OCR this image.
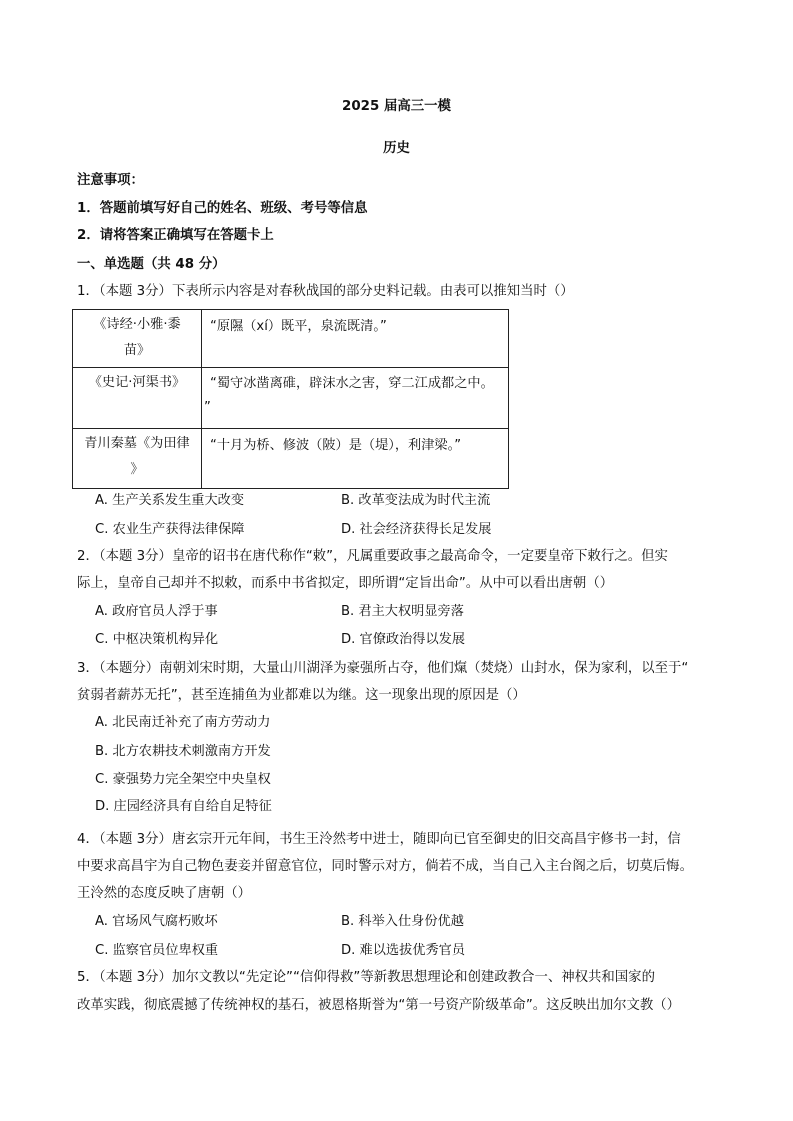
2025 届高三一模
历史
注意事项：
1．答题前填写好自己的姓名、班级、考号等信息
2．请将答案正确填写在答题卡上
一、单选题（共 48 分）
1．（本题 3分）下表所示内容是对春秋战国的部分史料记载。由表可以推知当时（）
《诗经·小雅·黍
苗》	“原隰（xí）既平，泉流既清。”

《史记·河渠书》	“蜀守冰凿离碓，辟沫水之害，穿二江成都之中。
”

青川秦墓《为田律
》	“十月为桥、修波（陂）是（堤），利津梁。”
A. 生产关系发生重大改变	B. 改革变法成为时代主流
C. 农业生产获得法律保障	D. 社会经济获得长足发展
2．（本题 3分）皇帝的诏书在唐代称作“敕”，凡属重要政事之最高命令，一定要皇帝下敕行之。但实
际上，皇帝自己却并不拟敕，而系中书省拟定，即所谓“定旨出命”。从中可以看出唐朝（）
A. 政府官员人浮于事	B. 君主大权明显旁落
C. 中枢决策机构异化	D. 官僚政治得以发展
3．（本题分）南朝刘宋时期，大量山川湖泽为豪强所占夺，他们熂（焚烧）山封水，保为家利，以至于“
贫弱者薪苏无托”，甚至连捕鱼为业都难以为继。这一现象出现的原因是（）
A. 北民南迁补充了南方劳动力
B. 北方农耕技术刺激南方开发
C. 豪强势力完全架空中央皇权
D. 庄园经济具有自给自足特征
4．（本题 3分）唐玄宗开元年间，书生王泠然考中进士，随即向已官至御史的旧交高昌宇修书一封，信
中要求高昌宇为自己物色妻妾并留意官位，同时警示对方，倘若不成，当自己入主台阁之后，切莫后悔。
王泠然的态度反映了唐朝（）
A. 官场风气腐朽败坏	B. 科举入仕身份优越
C. 监察官员位卑权重	D. 难以选拔优秀官员
5．（本题 3分）加尔文教以“先定论”“信仰得救”等新教思想理论和创建政教合一、神权共和国家的
改革实践，彻底震撼了传统神权的基石，被恩格斯誉为“第一号资产阶级革命”。这反映出加尔文教（）
